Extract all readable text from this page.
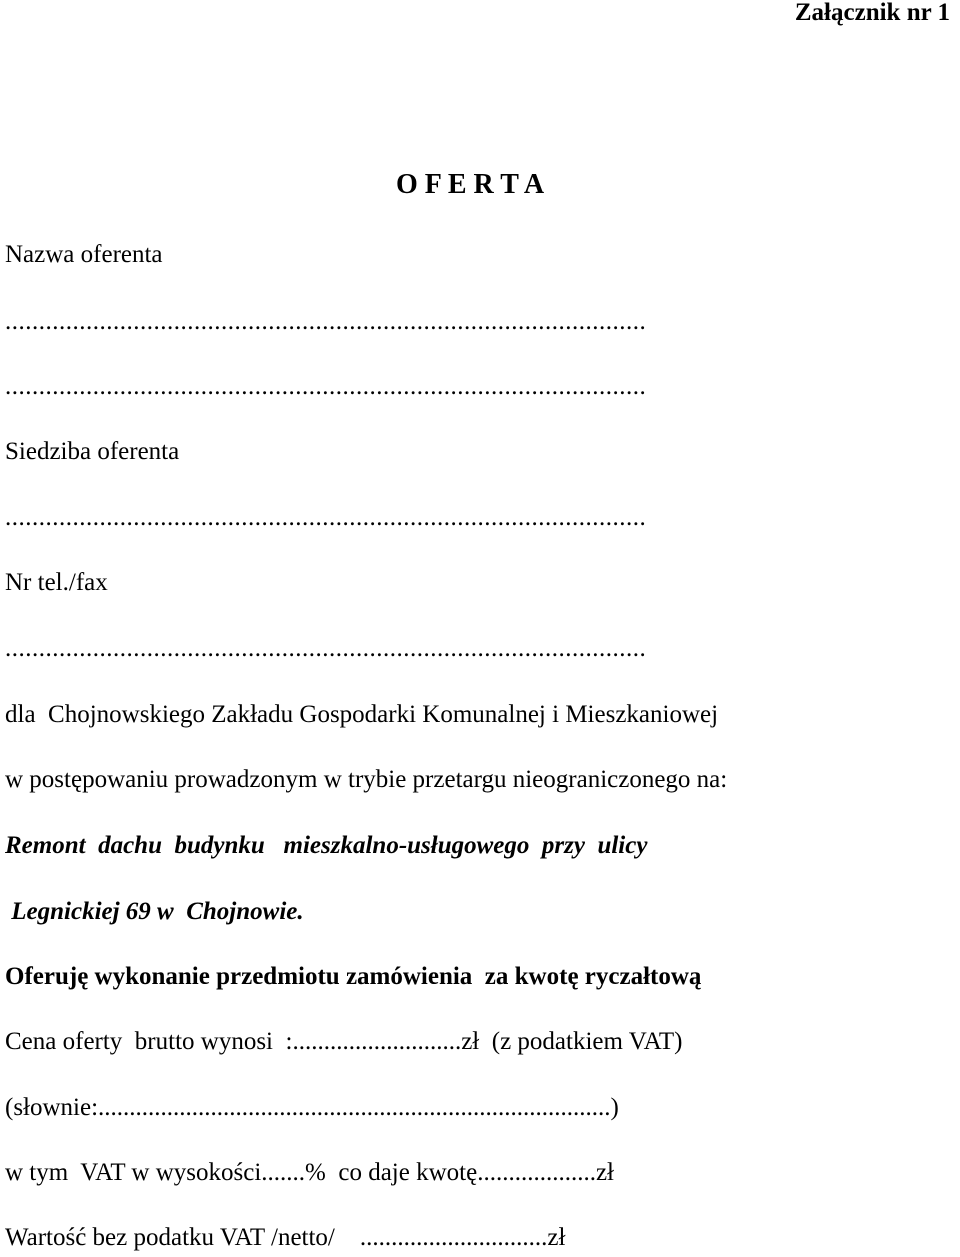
Załącznik nr 1
O F E R T A
Nazwa oferenta
...............................................................................................
...............................................................................................
Siedziba oferenta
...............................................................................................
Nr tel./fax
...............................................................................................
dla  Chojnowskiego Zakładu Gospodarki Komunalnej i Mieszkaniowej
w postępowaniu prowadzonym w trybie przetargu nieograniczonego na:
Remont  dachu  budynku   mieszkalno-usługowego  przy  ulicy
Legnickiej 69 w  Chojnowie.
Oferuję wykonanie przedmiotu zamówienia  za kwotę ryczałtową
Cena oferty  brutto wynosi  :...........................zł  (z podatkiem VAT)
(słownie:..................................................................................)
w tym  VAT w wysokości.......%  co daje kwotę...................zł
Wartość bez podatku VAT /netto/    ..............................zł
